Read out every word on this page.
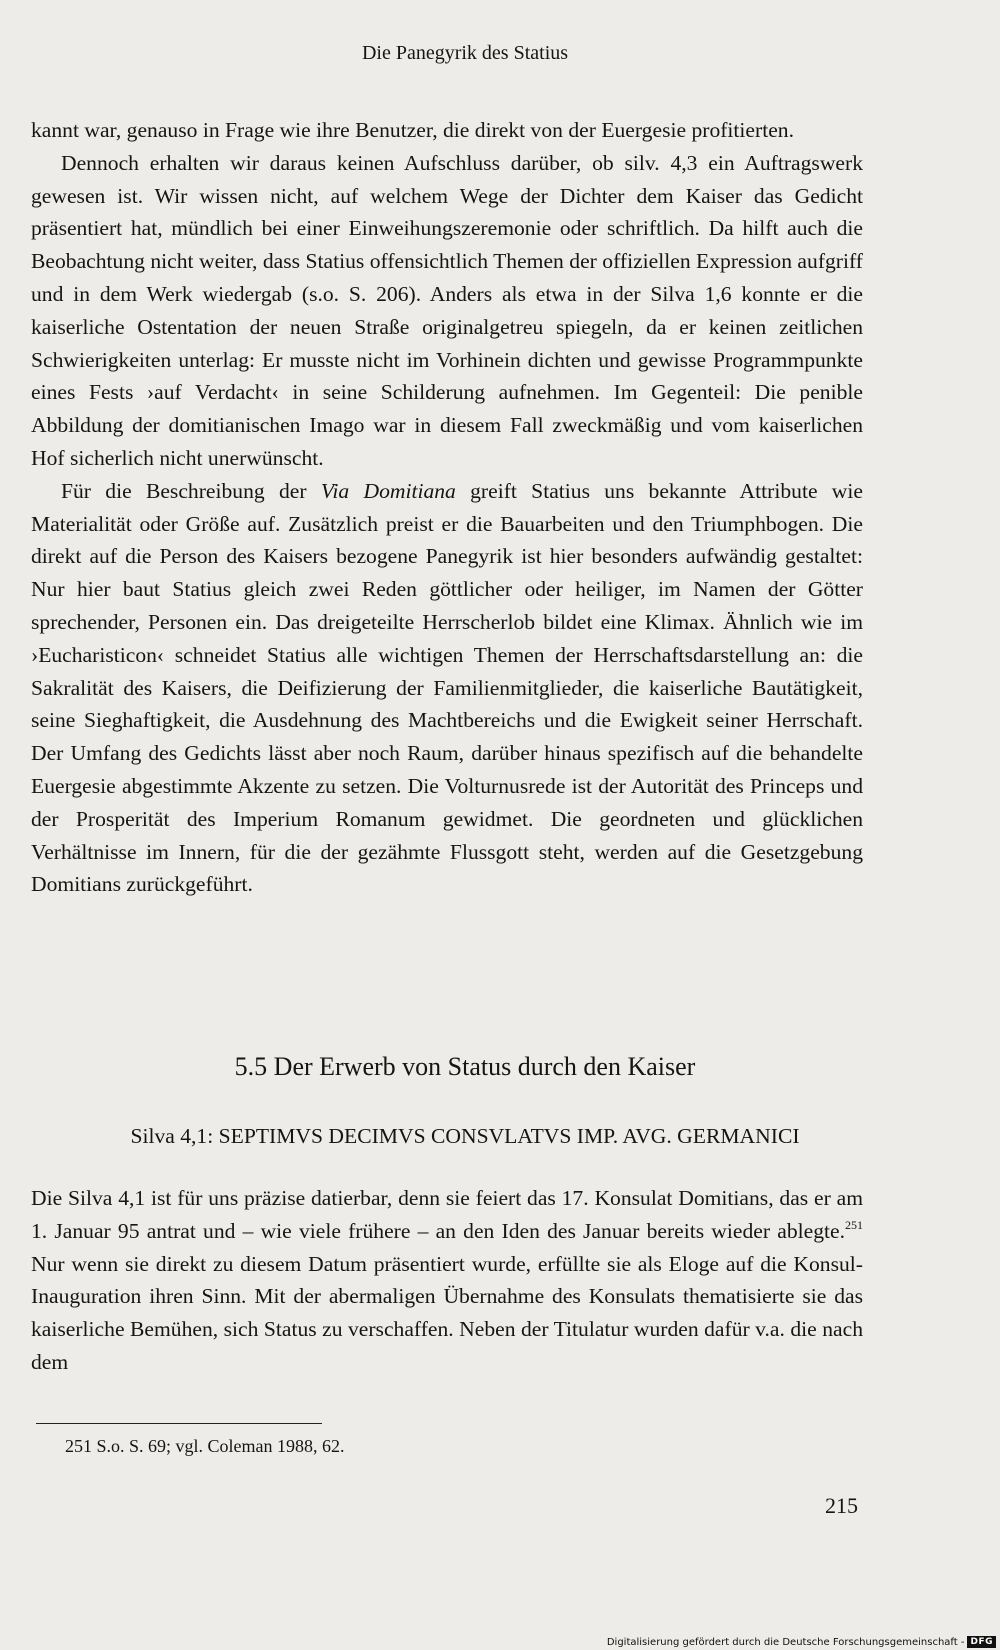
Die Panegyrik des Statius

kannt war, genauso in Frage wie ihre Benutzer, die direkt von der Euergesie profitierten.

Dennoch erhalten wir daraus keinen Aufschluss darüber, ob silv. 4,3 ein Auftragswerk gewesen ist. Wir wissen nicht, auf welchem Wege der Dichter dem Kaiser das Gedicht präsentiert hat, mündlich bei einer Einweihungszeremonie oder schriftlich. Da hilft auch die Beobachtung nicht weiter, dass Statius offensichtlich Themen der offiziellen Expression aufgriff und in dem Werk wiedergab (s.o. S. 206). Anders als etwa in der Silva 1,6 konnte er die kaiserliche Ostentation der neuen Straße originalgetreu spiegeln, da er keinen zeitlichen Schwierigkeiten unterlag: Er musste nicht im Vorhinein dichten und gewisse Programmpunkte eines Fests ›auf Verdacht‹ in seine Schilderung aufnehmen. Im Gegenteil: Die penible Abbildung der domitianischen Imago war in diesem Fall zweckmäßig und vom kaiserlichen Hof sicherlich nicht unerwünscht.

Für die Beschreibung der Via Domitiana greift Statius uns bekannte Attribute wie Materialität oder Größe auf. Zusätzlich preist er die Bauarbeiten und den Triumphbogen. Die direkt auf die Person des Kaisers bezogene Panegyrik ist hier besonders aufwändig gestaltet: Nur hier baut Statius gleich zwei Reden göttlicher oder heiliger, im Namen der Götter sprechender, Personen ein. Das dreigeteilte Herrscherlob bildet eine Klimax. Ähnlich wie im ›Eucharisticon‹ schneidet Statius alle wichtigen Themen der Herrschaftsdarstellung an: die Sakralität des Kaisers, die Deifizierung der Familienmitglieder, die kaiserliche Bautätigkeit, seine Sieghaftigkeit, die Ausdehnung des Machtbereichs und die Ewigkeit seiner Herrschaft. Der Umfang des Gedichts lässt aber noch Raum, darüber hinaus spezifisch auf die behandelte Euergesie abgestimmte Akzente zu setzen. Die Volturnusrede ist der Autorität des Princeps und der Prosperität des Imperium Romanum gewidmet. Die geordneten und glücklichen Verhältnisse im Innern, für die der gezähmte Flussgott steht, werden auf die Gesetzgebung Domitians zurückgeführt.

5.5 Der Erwerb von Status durch den Kaiser
Silva 4,1: SEPTIMVS DECIMVS CONSVLATVS IMP. AVG. GERMANICI

Die Silva 4,1 ist für uns präzise datierbar, denn sie feiert das 17. Konsulat Domitians, das er am 1. Januar 95 antrat und – wie viele frühere – an den Iden des Januar bereits wieder ablegte.$^{251}$ Nur wenn sie direkt zu diesem Datum präsentiert wurde, erfüllte sie als Eloge auf die Konsul-Inauguration ihren Sinn. Mit der abermaligen Übernahme des Konsulats thematisierte sie das kaiserliche Bemühen, sich Status zu verschaffen. Neben der Titulatur wurden dafür v.a. die nach dem

251 S.o. S. 69; vgl. Coleman 1988, 62.
215
Digitalisierung gefördert durch die Deutsche Forschungsgemeinschaft - DFG
